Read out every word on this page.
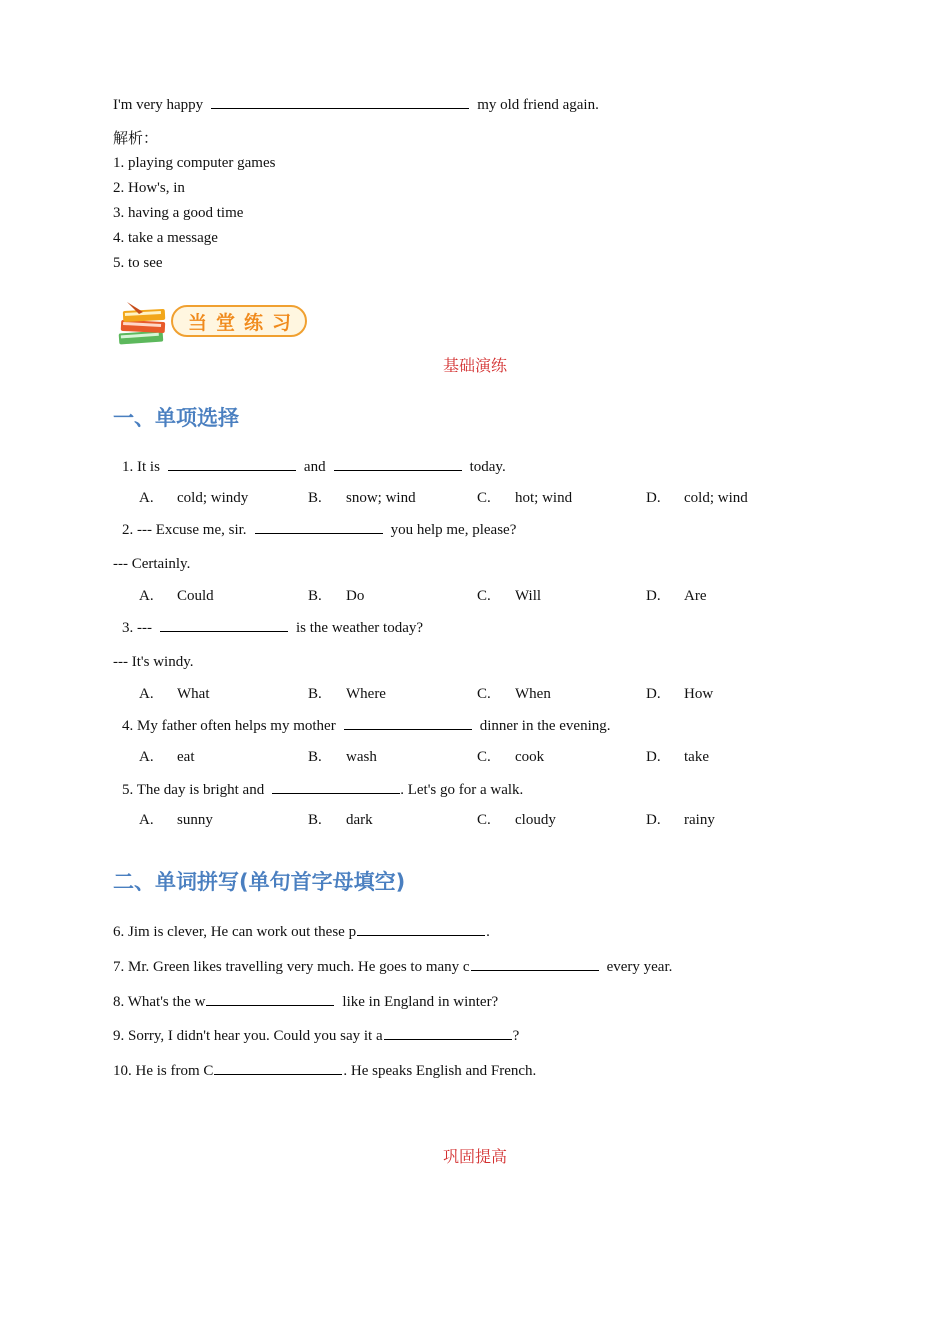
I'm very happy	my old friend again.
解析：
1. playing computer games
2. How's, in
3. having a good time
4. take a message
5. to see
当堂练习
基础演练
一、单项选择
1. It is	and	today.
A. cold; windy	B. snow; wind	C. hot; wind	D. cold; wind
2. --- Excuse me, sir.	you help me, please?
--- Certainly.
A. Could	B. Do	C. Will	D. Are
3. ---	is the weather today?
--- It's windy.
A. What	B. Where	C. When	D. How
4. My father often helps my mother	dinner in the evening.
A. eat	B. wash	C. cook	D. take
5. The day is bright and	. Let's go for a walk.
A. sunny	B. dark	C. cloudy	D. rainy
二、单词拼写(单句首字母填空)
6. Jim is clever, He can work out these p	.
7. Mr. Green likes travelling very much. He goes to many c	every year.
8. What's the w	like in England in winter?
9. Sorry, I didn't hear you. Could you say it a	?
10. He is from C	. He speaks English and French.
巩固提高
